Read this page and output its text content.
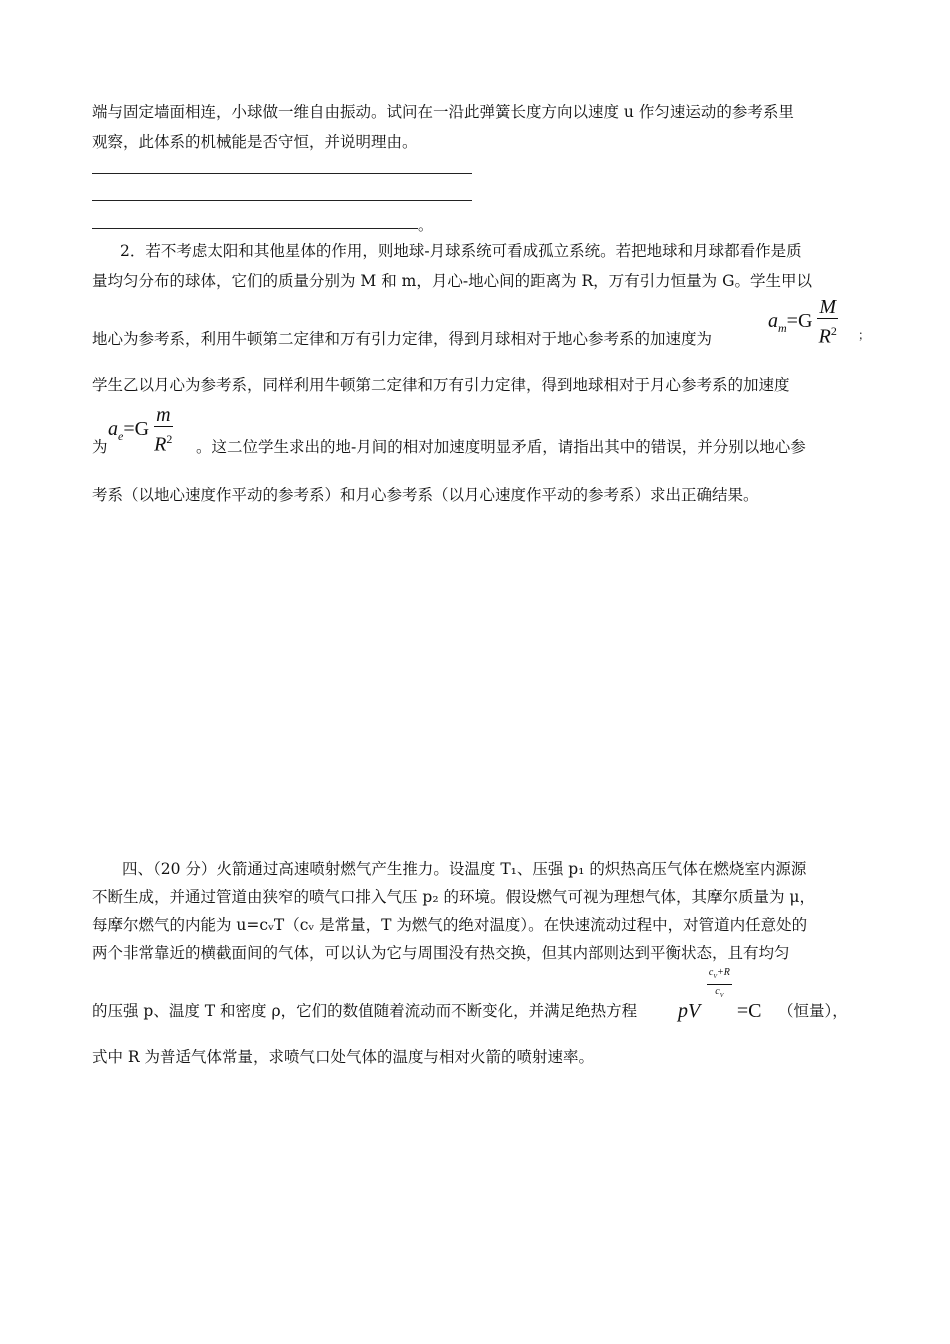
端与固定墙面相连，小球做一维自由振动。试问在一沿此弹簧长度方向以速度 u 作匀速运动的参考系里
观察，此体系的机械能是否守恒，并说明理由。
。
2．若不考虑太阳和其他星体的作用，则地球-月球系统可看成孤立系统。若把地球和月球都看作是质
量均匀分布的球体，它们的质量分别为 M 和 m，月心-地心间的距离为 R，万有引力恒量为 G。学生甲以
地心为参考系，利用牛顿第二定律和万有引力定律，得到月球相对于地心参考系的加速度为
$a_m=G \frac{M}{R^2}$ ；
学生乙以月心为参考系，同样利用牛顿第二定律和万有引力定律，得到地球相对于月心参考系的加速度
为
$a_e=G \frac{m}{R^2}$ 。这二位学生求出的地-月间的相对加速度明显矛盾，请指出其中的错误，并分别以地心参
考系（以地心速度作平动的参考系）和月心参考系（以月心速度作平动的参考系）求出正确结果。
四、（20 分）火箭通过高速喷射燃气产生推力。设温度 T₁、压强 p₁ 的炽热高压气体在燃烧室内源源
不断生成，并通过管道由狭窄的喷气口排入气压 p₂ 的环境。假设燃气可视为理想气体，其摩尔质量为 μ，
每摩尔燃气的内能为 u=cᵥT（cᵥ 是常量，T 为燃气的绝对温度）。在快速流动过程中，对管道内任意处的
两个非常靠近的横截面间的气体，可以认为它与周围没有热交换，但其内部则达到平衡状态，且有均匀
的压强 p、温度 T 和密度 ρ，它们的数值随着流动而不断变化，并满足绝热方程	pV
$\frac{c_V+R}{c_V}$
=C （恒量），
式中 R 为普适气体常量，求喷气口处气体的温度与相对火箭的喷射速率。
